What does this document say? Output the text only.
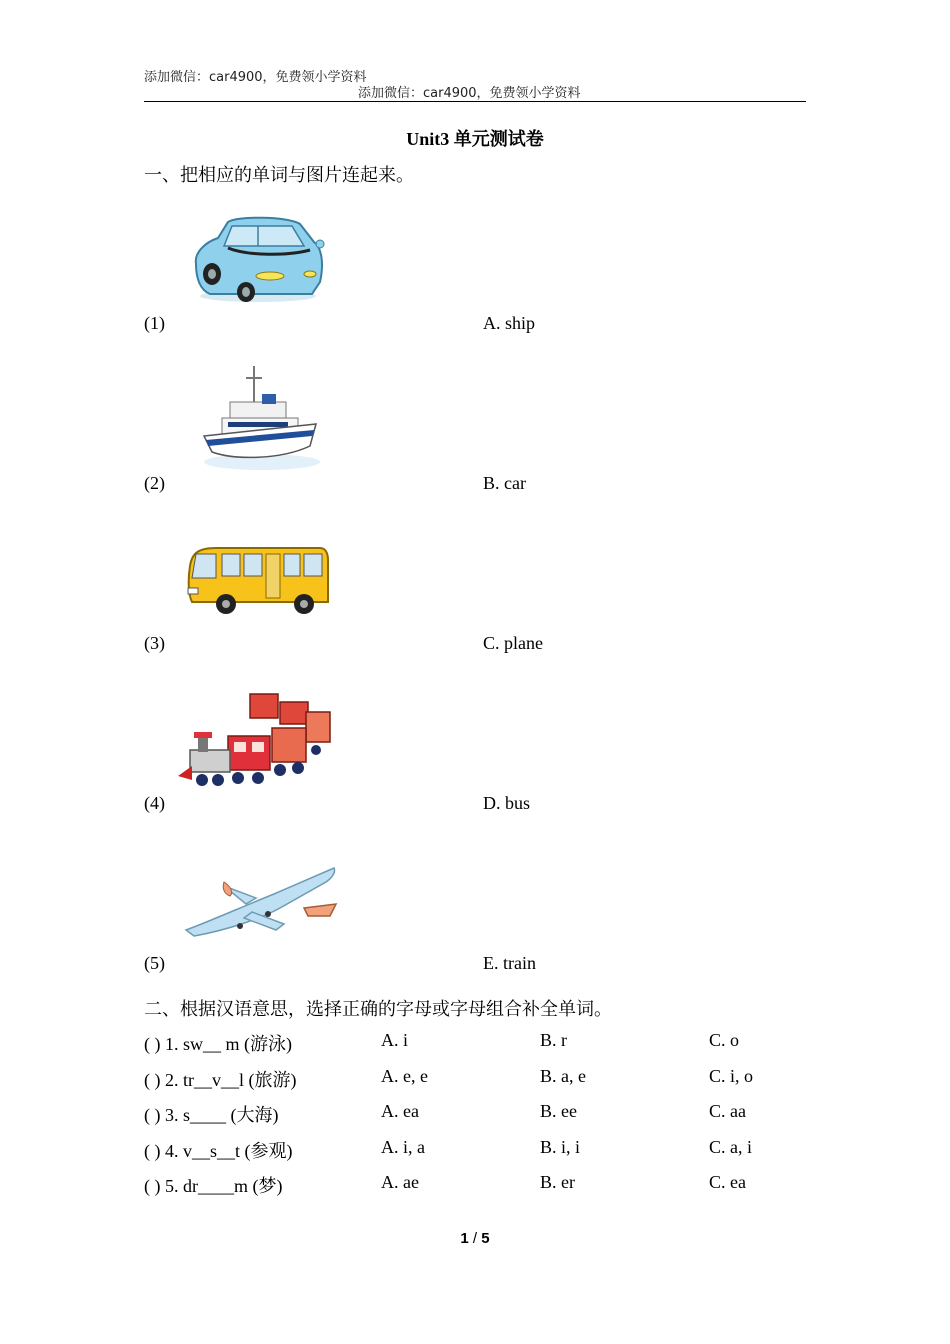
添加微信：car4900，免费领小学资料
添加微信：car4900，免费领小学资料
Unit3 单元测试卷
一、把相应的单词与图片连起来。
(1)	A. ship
(2)	B. car
(3)	C. plane
(4)	D. bus
(5)	E. train
二、根据汉语意思，选择正确的字母或字母组合补全单词。
( ) 1. sw__ m (游泳)	A. i	B. r	C. o
( ) 2. tr__v__l (旅游)	A. e, e	B. a, e	C. i, o
( ) 3. s____ (大海)	A. ea	B. ee	C. aa
( ) 4. v__s__t (参观)	A. i, a	B. i, i	C. a, i
( ) 5. dr____m (梦)	A. ae	B. er	C. ea
1 / 5
